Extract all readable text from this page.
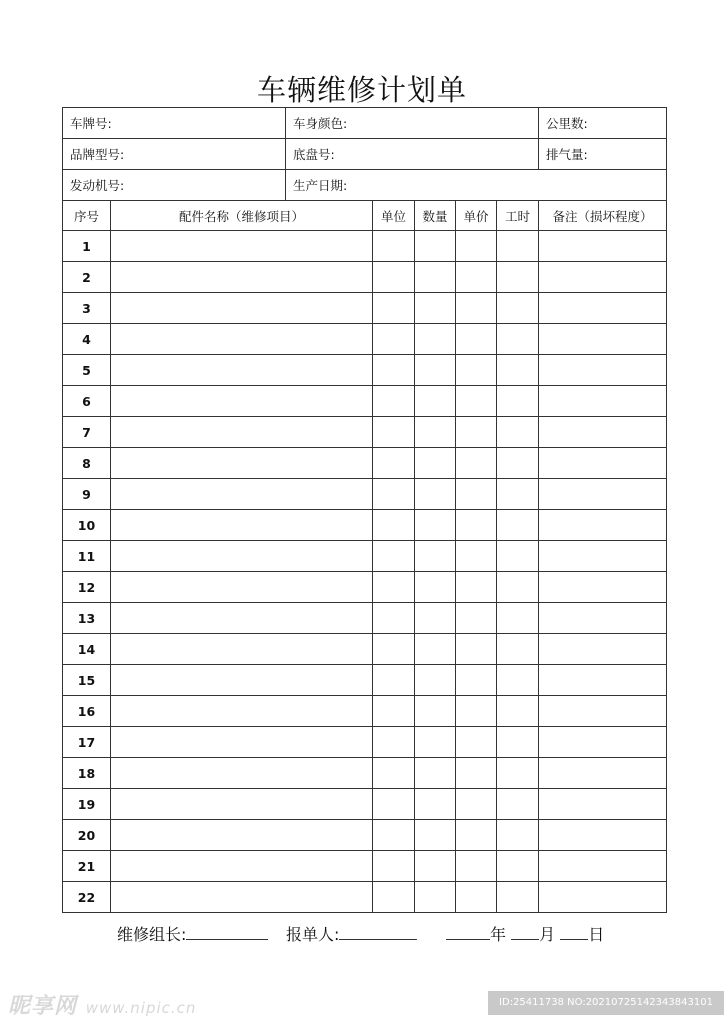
车辆维修计划单
车牌号:		车身颜色:					公里数:
品牌型号:		底盘号:					排气量:
发动机号:		生产日期:					
序号	配件名称（维修项目）		单位	数量	单价	工时	备注（损坏程度）
1							
2							
3							
4							
5							
6							
7							
8							
9							
10							
11							
12							
13							
14							
15							
16							
17							
18							
19							
20							
21							
22							
维修组长:	报单人:	年 月 日
昵享网 www.nipic.cn	ID:25411738 NO:20210725142343843101
